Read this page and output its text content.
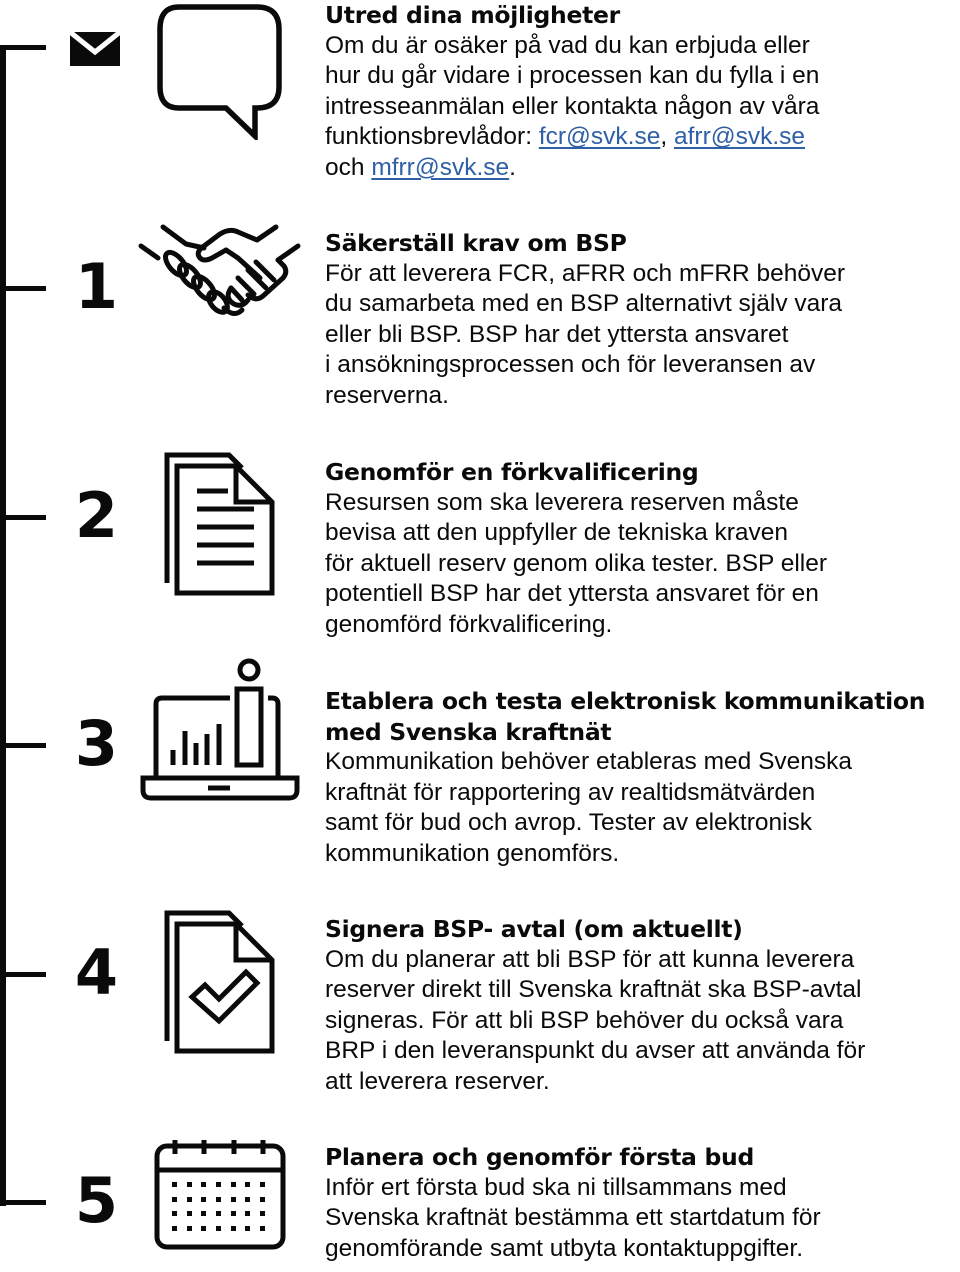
Utred dina möjligheter

Om du är osäker på vad du kan erbjuda eller
hur du går vidare i processen kan du fylla i en
intresseanmälan eller kontakta någon av våra
funktionsbrevlådor: fcr@svk.se, afrr@svk.se
och mfrr@svk.se.

1

Säkerställ krav om BSP

För att leverera FCR, aFRR och mFRR behöver
du samarbeta med en BSP alternativt själv vara
eller bli BSP. BSP har det yttersta ansvaret
i ansökningsprocessen och för leveransen av
reserverna.

2

Genomför en förkvalificering

Resursen som ska leverera reserven måste
bevisa att den uppfyller de tekniska kraven
för aktuell reserv genom olika tester. BSP eller
potentiell BSP har det yttersta ansvaret för en
genomförd förkvalificering.

3

Etablera och testa elektronisk kommunikation
med Svenska kraftnät

Kommunikation behöver etableras med Svenska
kraftnät för rapportering av realtidsmätvärden
samt för bud och avrop. Tester av elektronisk
kommunikation genomförs.

4

Signera BSP- avtal (om aktuellt)

Om du planerar att bli BSP för att kunna leverera
reserver direkt till Svenska kraftnät ska BSP-avtal
signeras. För att bli BSP behöver du också vara
BRP i den leveranspunkt du avser att använda för
att leverera reserver.

5

Planera och genomför första bud

Inför ert första bud ska ni tillsammans med
Svenska kraftnät bestämma ett startdatum för
genomförande samt utbyta kontaktuppgifter.
